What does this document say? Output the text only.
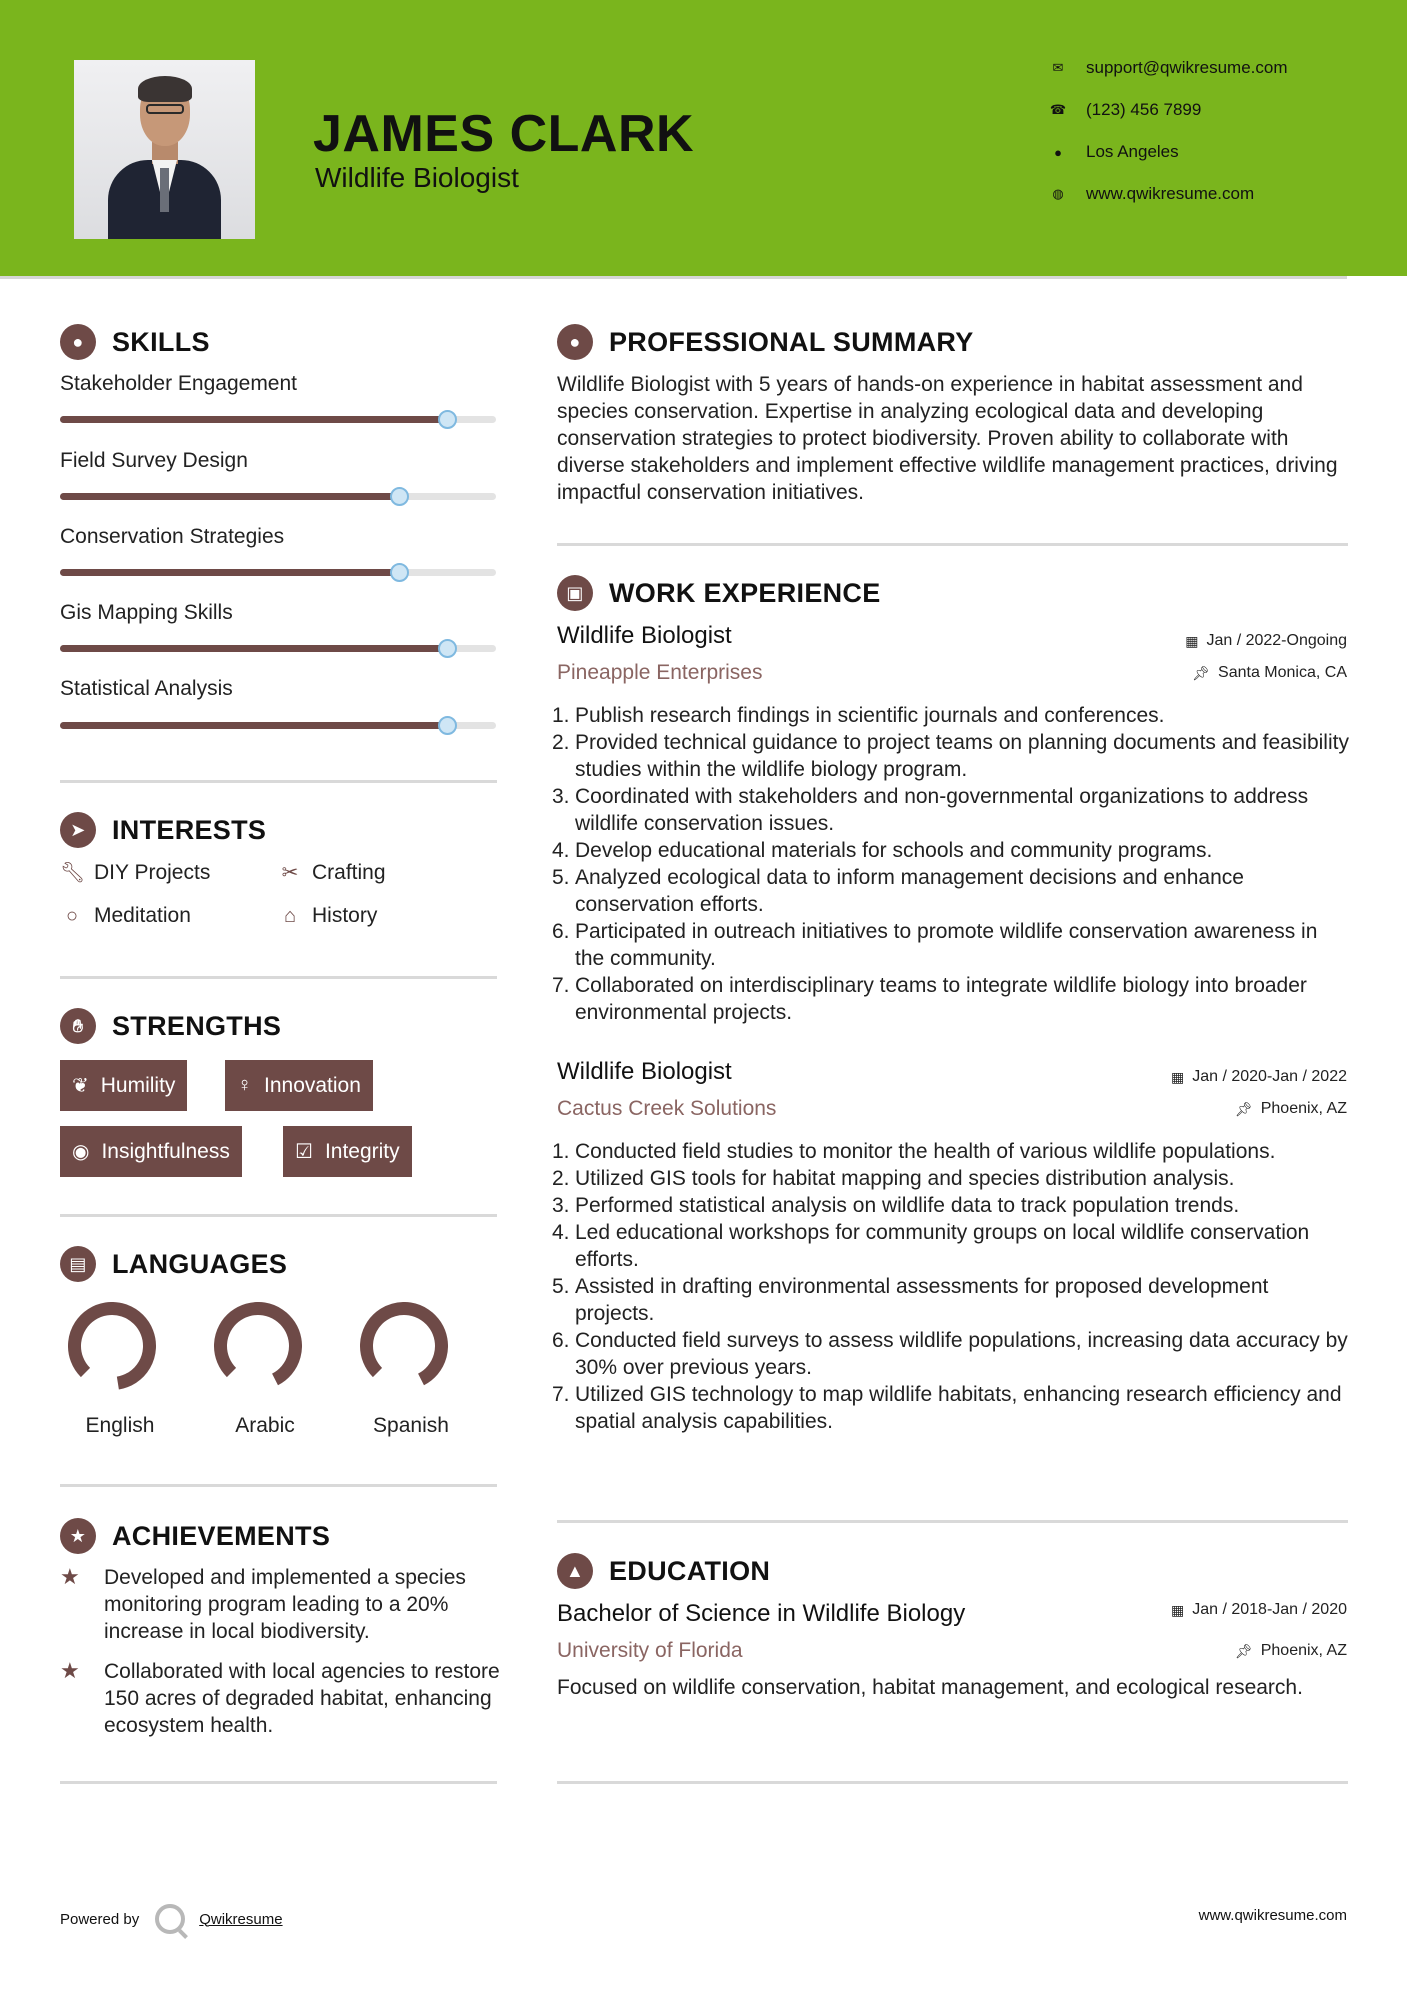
JAMES CLARK
Wildlife Biologist
✉ support@qwikresume.com
☎ (123) 456 7899
● Los Angeles
◍ www.qwikresume.com
●	SKILLS
Stakeholder Engagement
Field Survey Design
Conservation Strategies
Gis Mapping Skills
Statistical Analysis
➤ INTERESTS
🔧︎ DIY Projects	✂ Crafting
○ Meditation	⌂ History
✋︎	STRENGTHS
❦ Humility	♀ Innovation
◉ Insightfulness	☑ Integrity
▤ LANGUAGES
English	Arabic	Spanish
★ ACHIEVEMENTS
★	Developed and implemented a species monitoring program leading to a 20% increase in local biodiversity.
★	Collaborated with local agencies to restore 150 acres of degraded habitat, enhancing ecosystem health.
●	PROFESSIONAL SUMMARY
Wildlife Biologist with 5 years of hands-on experience in habitat assessment and species conservation. Expertise in analyzing ecological data and developing conservation strategies to protect biodiversity. Proven ability to collaborate with diverse stakeholders and implement effective wildlife management practices, driving impactful conservation initiatives.
▣ WORK EXPERIENCE
Wildlife Biologist	▦ Jan / 2022-Ongoing
Pineapple Enterprises	📌︎ Santa Monica, CA
1. Publish research findings in scientific journals and conferences.
2. Provided technical guidance to project teams on planning documents and feasibility studies within the wildlife biology program.
3. Coordinated with stakeholders and non-governmental organizations to address wildlife conservation issues.
4. Develop educational materials for schools and community programs.
5. Analyzed ecological data to inform management decisions and enhance conservation efforts.
6. Participated in outreach initiatives to promote wildlife conservation awareness in the community.
7. Collaborated on interdisciplinary teams to integrate wildlife biology into broader environmental projects.
Wildlife Biologist	▦ Jan / 2020-Jan / 2022
Cactus Creek Solutions	📌︎ Phoenix, AZ
1. Conducted field studies to monitor the health of various wildlife populations.
2. Utilized GIS tools for habitat mapping and species distribution analysis.
3. Performed statistical analysis on wildlife data to track population trends.
4. Led educational workshops for community groups on local wildlife conservation efforts.
5. Assisted in drafting environmental assessments for proposed development projects.
6. Conducted field surveys to assess wildlife populations, increasing data accuracy by 30% over previous years.
7. Utilized GIS technology to map wildlife habitats, enhancing research efficiency and spatial analysis capabilities.
▲ EDUCATION
Bachelor of Science in Wildlife Biology	▦ Jan / 2018-Jan / 2020
University of Florida	📌︎ Phoenix, AZ
Focused on wildlife conservation, habitat management, and ecological research.
Powered by	Qwikresume	www.qwikresume.com
